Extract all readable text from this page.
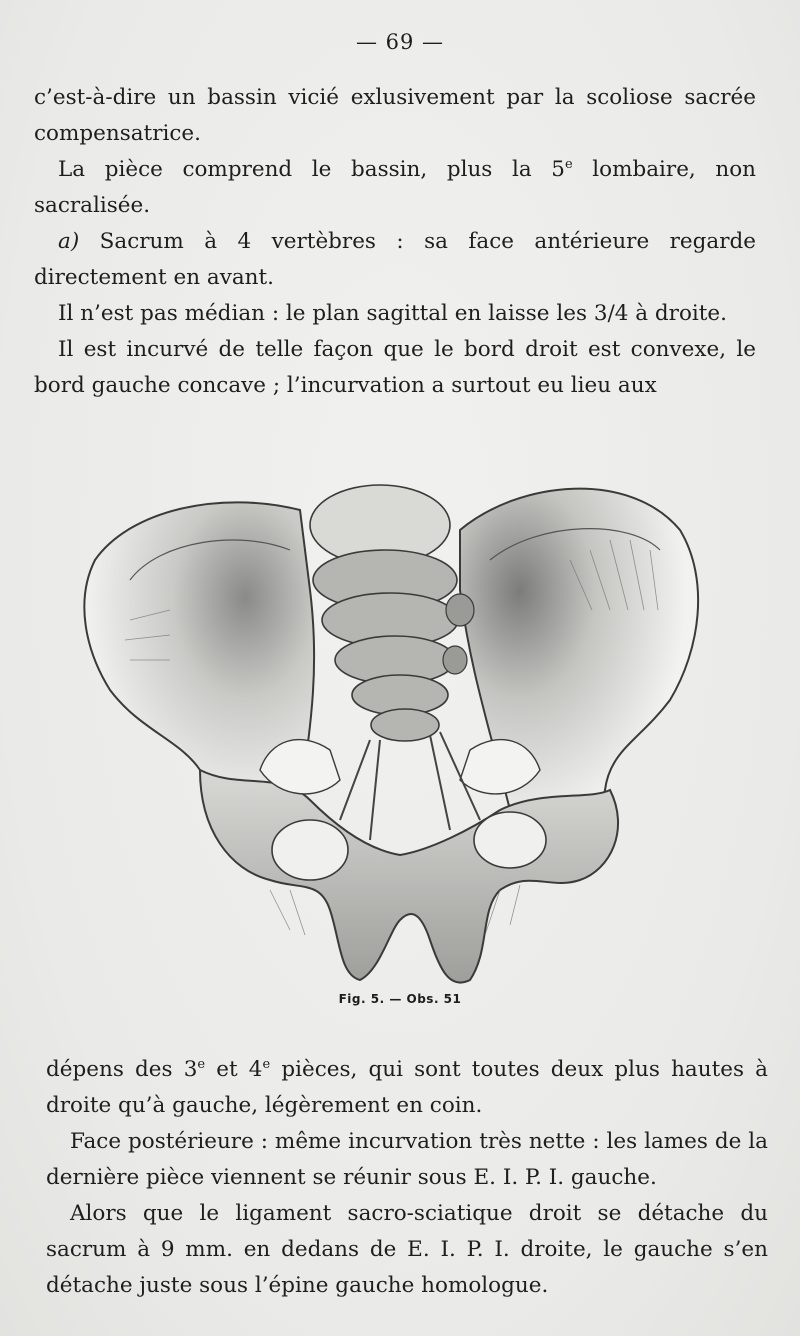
— 69 —

c’est-à-dire un bassin vicié exlusivement par la scoliose sacrée compensatrice.

La pièce comprend le bassin, plus la 5e lombaire, non sacralisée.

a) Sacrum à 4 vertèbres : sa face antérieure regarde directement en avant.

Il n’est pas médian : le plan sagittal en laisse les 3/4 à droite.

Il est incurvé de telle façon que le bord droit est convexe, le bord gauche concave ; l’incurvation a surtout eu lieu aux

Fig. 5. — Obs. 51

dépens des 3e et 4e pièces, qui sont toutes deux plus hautes à droite qu’à gauche, légèrement en coin.

Face postérieure : même incurvation très nette : les lames de la dernière pièce viennent se réunir sous E. I. P. I. gauche.

Alors que le ligament sacro-sciatique droit se détache du sacrum à 9 mm. en dedans de E. I. P. I. droite, le gauche s’en détache juste sous l’épine gauche homologue.
